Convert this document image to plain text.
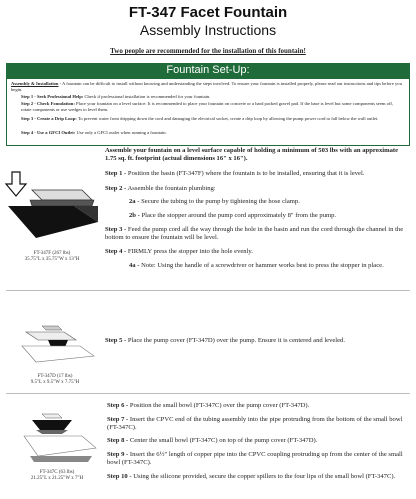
FT-347 Facet Fountain
Assembly Instructions
Two people are recommended for the installation of this fountain!
Fountain Set-Up:
Assembly & Installation - A fountain can be difficult to install without knowing and understanding the steps involved. To ensure your fountain is installed properly, please read our instructions and tips before you begin.
Step 1 - Seek Professional Help: Check if professional installation is recommended for your fountain.
Step 2 - Check Foundation: Place your fountain on a level surface. It is recommended to place your fountain on concrete or a hard packed gravel pad. If the base is level but some components seem off, rotate components or use wedges to level them.
Step 3 - Create a Drip Loop: To prevent water from dripping down the cord and damaging the electrical socket, create a drip loop by allowing the pump power cord to fall below the wall outlet.
Step 4 - Use a GFCI Outlet: Use only a GFCI outlet when running a fountain.
Assemble your fountain on a level surface capable of holding a minimum of 503 lbs with an approximate 1.75 sq. ft. footprint (actual dimensions 16" x 16").
FT-347F (267 lbs)
35.75"L x 35.75"W x 13"H
Step 1 - Position the basin (FT-347F) where the fountain is to be installed, ensuring that it is level.
Step 2 - Assemble the fountain plumbing:
2a - Secure the tubing to the pump by tightening the hose clamp.
2b - Place the stopper around the pump cord approximately 8" from the pump.
Step 3 - Feed the pump cord all the way through the hole in the basin and run the cord through the channel in the bottom to ensure the fountain will be level.
Step 4 - FIRMLY press the stopper into the hole evenly.
4a - Note: Using the handle of a screwdriver or hammer works best to press the stopper in place.
FT-347D (17 lbs)
9.5"L x 9.5"W x 7.75"H
Step 5 - Place the pump cover (FT-347D) over the pump. Ensure it is centered and leveled.
FT-347C (63 lbs)
21.25"L x 21.25"W x 7"H
Step 6 - Position the small bowl (FT-347C) over the pump cover (FT-347D).
Step 7 - Insert the CPVC end of the tubing assembly into the pipe protruding from the bottom of the small bowl (FT-347C).
Step 8 - Center the small bowl (FT-347C) on top of the pump cover (FT-347D).
Step 9 - Insert the 6½" length of copper pipe into the CPVC coupling protruding up from the center of the small bowl (FT-347C).
Step 10 - Using the silicone provided, secure the copper spillers to the four lips of the small bowl (FT-347C).
